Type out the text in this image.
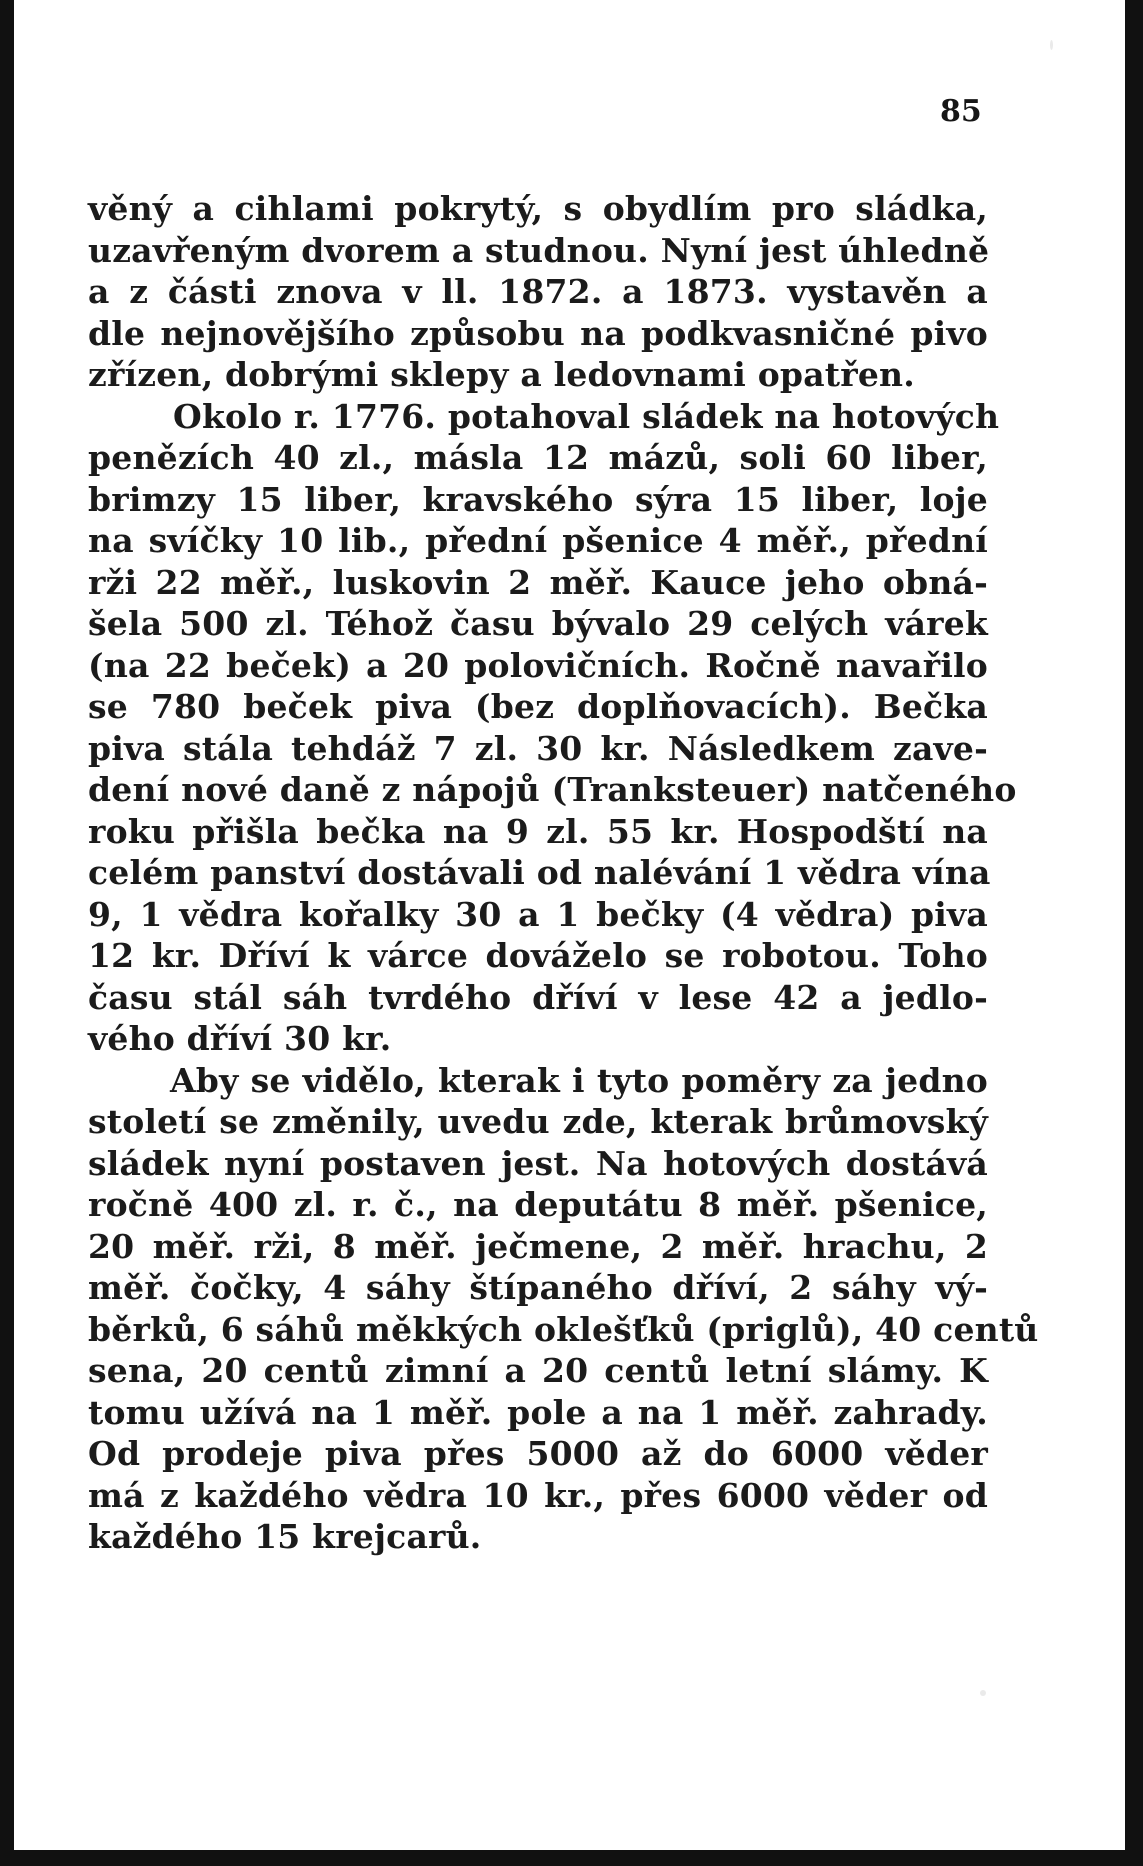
85
věný a cihlami pokrytý, s obydlím pro sládka,
uzavřeným dvorem a studnou. Nyní jest úhledně
a z části znova v ll. 1872. a 1873. vystavěn a
dle nejnovějšího způsobu na podkvasničné pivo
zřízen, dobrými sklepy a ledovnami opatřen.
Okolo r. 1776. potahoval sládek na hotových
penězích 40 zl., másla 12 mázů, soli 60 liber,
brimzy 15 liber, kravského sýra 15 liber, loje
na svíčky 10 lib., přední pšenice 4 měř., přední
rži 22 měř., luskovin 2 měř. Kauce jeho obná-
šela 500 zl. Téhož času bývalo 29 celých várek
(na 22 beček) a 20 polovičních. Ročně navařilo
se 780 beček piva (bez doplňovacích). Bečka
piva stála tehdáž 7 zl. 30 kr. Následkem zave-
dení nové daně z nápojů (Tranksteuer) natčeného
roku přišla bečka na 9 zl. 55 kr. Hospodští na
celém panství dostávali od nalévání 1 vědra vína
9, 1 vědra kořalky 30 a 1 bečky (4 vědra) piva
12 kr. Dříví k várce dováželo se robotou. Toho
času stál sáh tvrdého dříví v lese 42 a jedlo-
vého dříví 30 kr.
Aby se vidělo, kterak i tyto poměry za jedno
století se změnily, uvedu zde, kterak brůmovský
sládek nyní postaven jest. Na hotových dostává
ročně 400 zl. r. č., na deputátu 8 měř. pšenice,
20 měř. rži, 8 měř. ječmene, 2 měř. hrachu, 2
měř. čočky, 4 sáhy štípaného dříví, 2 sáhy vý-
běrků, 6 sáhů měkkých oklešťků (priglů), 40 centů
sena, 20 centů zimní a 20 centů letní slámy. K
tomu užívá na 1 měř. pole a na 1 měř. zahrady.
Od prodeje piva přes 5000 až do 6000 věder
má z každého vědra 10 kr., přes 6000 věder od
každého 15 krejcarů.
